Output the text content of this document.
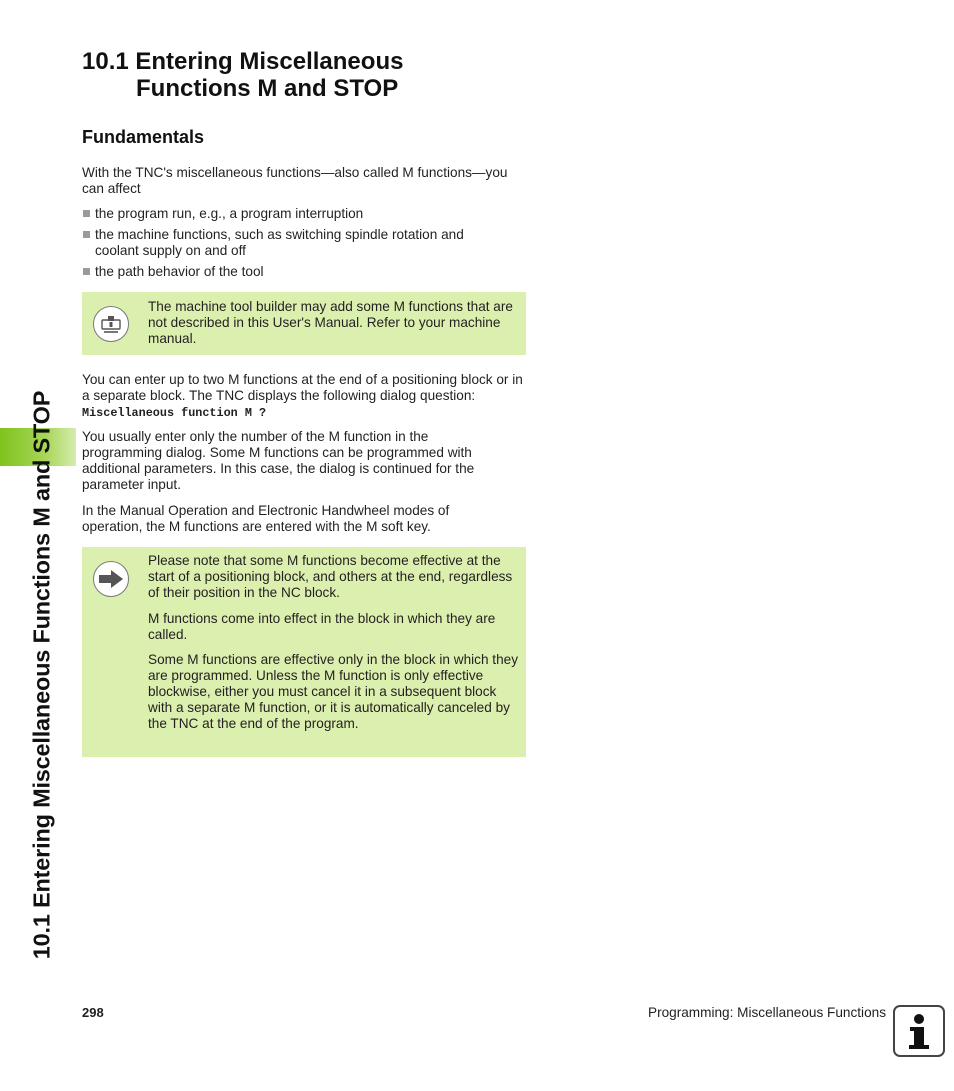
10.1 Entering Miscellaneous Functions M and STOP
10.1 Entering Miscellaneous
Functions M and STOP
Fundamentals
With the TNC's miscellaneous functions—also called M functions—you can affect
the program run, e.g., a program interruption
the machine functions, such as switching spindle rotation and coolant supply on and off
the path behavior of the tool
The machine tool builder may add some M functions that are not described in this User's Manual. Refer to your machine manual.
You can enter up to two M functions at the end of a positioning block or in a separate block. The TNC displays the following dialog question:
Miscellaneous function M ?
You usually enter only the number of the M function in the programming dialog. Some M functions can be programmed with additional parameters. In this case, the dialog is continued for the parameter input.
In the Manual Operation and Electronic Handwheel modes of operation, the M functions are entered with the M soft key.
Please note that some M functions become effective at the start of a positioning block, and others at the end, regardless of their position in the NC block.
M functions come into effect in the block in which they are called.
Some M functions are effective only in the block in which they are programmed. Unless the M function is only effective blockwise, either you must cancel it in a subsequent block with a separate M function, or it is automatically canceled by the TNC at the end of the program.
298	Programming: Miscellaneous Functions
